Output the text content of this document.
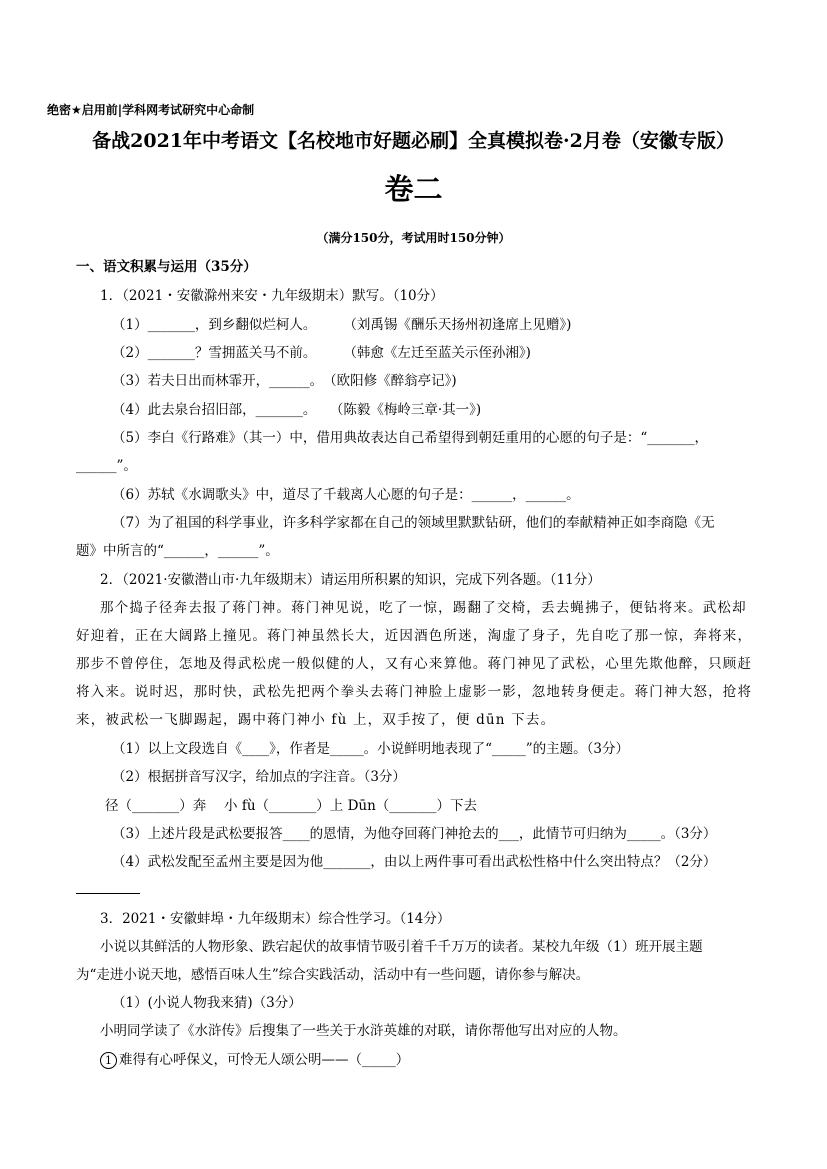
绝密★启用前|学科网考试研究中心命制
备战2021年中考语文【名校地市好题必刷】全真模拟卷·2月卷（安徽专版）
卷二
（满分150分，考试用时150分钟）
一、语文积累与运用（35分）
1．（2021・安徽滁州来安・九年级期末）默写。（10分）
（1）_______，到乡翻似烂柯人。　　　（刘禹锡《酬乐天扬州初逢席上见赠》)
（2）_______？雪拥蓝关马不前。　　　（韩愈《左迁至蓝关示侄孙湘》)
（3）若夫日出而林霏开，______。　（欧阳修《醉翁亭记》)
（4）此去泉台招旧部，_______。　　（陈毅《梅岭三章·其一》)
（5）李白《行路难》（其一）中，借用典故表达自己希望得到朝廷重用的心愿的句子是：“_______，
______”。
（6）苏轼《水调歌头》中，道尽了千载离人心愿的句子是：______，______。
（7）为了祖国的科学事业，许多科学家都在自己的领域里默默钻研，他们的奉献精神正如李商隐《无
题》中所言的“______，______”。
2．（2021·安徽潜山市·九年级期末）请运用所积累的知识，完成下列各题。（11分）
那个捣子径奔去报了蒋门神。蒋门神见说，吃了一惊，踢翻了交椅，丢去蝇拂子，便钻将来。武松却
好迎着，正在大阔路上撞见。蒋门神虽然长大，近因酒色所迷，淘虚了身子，先自吃了那一惊，奔将来，
那步不曾停住，怎地及得武松虎一般似健的人，又有心来算他。蒋门神见了武松，心里先欺他醉，只顾赶
将入来。说时迟，那时快，武松先把两个拳头去蒋门神脸上虚影一影，忽地转身便走。蒋门神大怒，抢将
来，被武松一飞脚踢起，踢中蒋门神小 fù 上，双手按了，便 dūn 下去。
（1）以上文段选自《____》，作者是_____。小说鲜明地表现了“_____”的主题。（3分）
（2）根据拼音写汉字，给加点的字注音。（3分）
径（_______）奔　 小 fù（_______）上 Dūn（_______）下去
（3）上述片段是武松要报答____的恩情，为他夺回蒋门神抢去的___，此情节可归纳为_____。（3分）
（4）武松发配至孟州主要是因为他_______，由以上两件事可看出武松性格中什么突出特点？（2分）
3．2021・安徽蚌埠・九年级期末）综合性学习。（14分）
小说以其鲜活的人物形象、跌宕起伏的故事情节吸引着千千万万的读者。某校九年级（1）班开展主题
为“走进小说天地，感悟百味人生”综合实践活动，活动中有一些问题，请你参与解决。
（1）(小说人物我来猜)（3分）
小明同学读了《水浒传》后搜集了一些关于水浒英雄的对联，请你帮他写出对应的人物。
1 难得有心呼保义，可怜无人颂公明——（_____）
